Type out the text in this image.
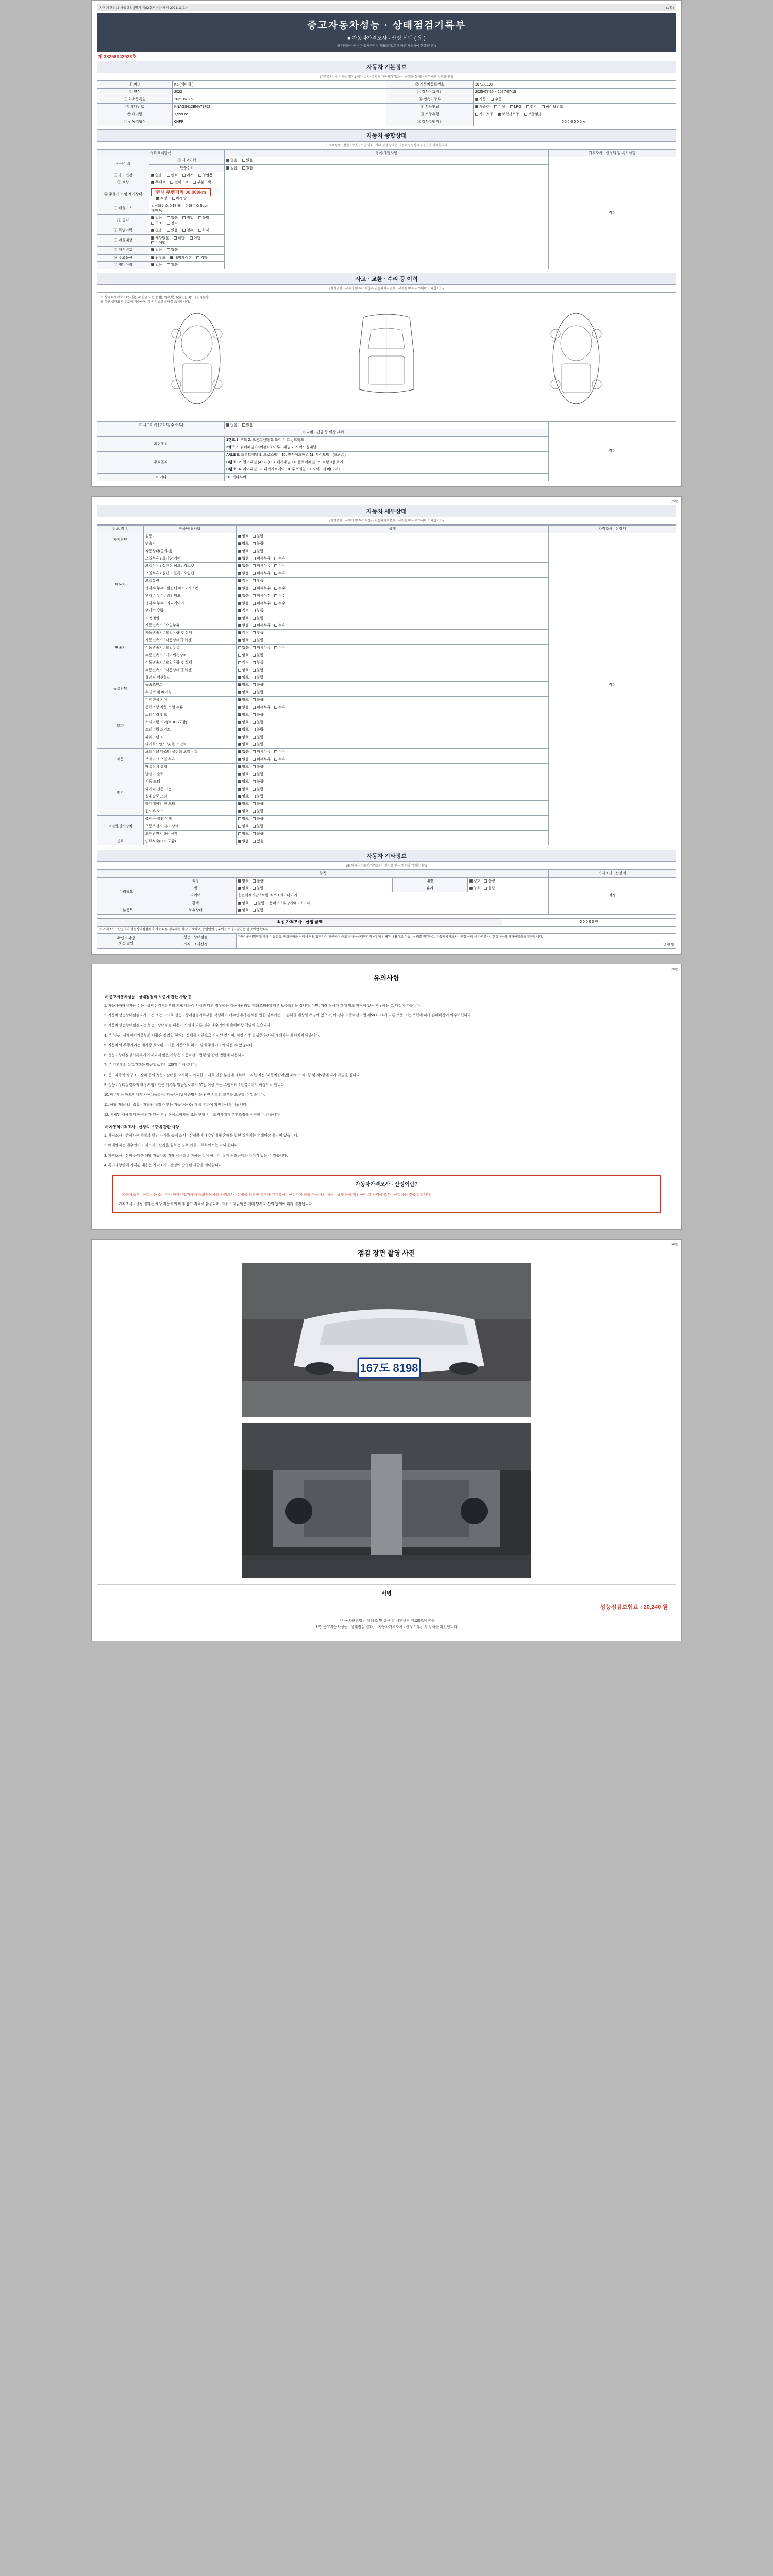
자동차관리법 시행규칙 [별지 제82호서식] <개정 2021.11.9.>	(1쪽)
중고자동차성능 · 상태점검기록부
■ 자동차가격조사 · 산정 선택 ( 유 )
※ 매매용자동차 (자동차관리법 제58조제1항에 따른 자동차에 한정합니다)
제 38256142923호
자동차 기본정보
(가격조사 · 산정자는 별지1 내지 별지4까지의 자동차가격조사 · 산정을 함에는 경우에만 기재합니다)
① 차명	K5 (세바길 )	② 자동차등록번호	167도8198
③ 연식	2022	④ 검사유효기간	2025-07-16 ~ 2027-07-15
⑤ 최초등록일	2021-07-16	⑥ 변속기종류	자동 수동
⑦ 차대번호	KNAGS412BNA79752	⑧ 사용연료	가솔린 디젤 LPG 전기 하이브리드
⑨ 배기량	1,999 cc	⑩ 보증유형	자가보증 보험사보증 보증없음
⑪ 원동기형식	G4FP	⑫ 검사주행거리	0 0 0 0 0 0 0 km
자동차 종합상태
※ 주요장치 : 전손 · 수몰 · 도난 이력, 기타 점검 항목은 자동차성능상태점검자가 기재합니다.
상태표시항목		항목/해당사항	가격조사 · 산정액 및 특기사항
사용이력	① 사고이력	없음 있음	적정
	단순수리	없음 있음	
② 용도변경	없음 렌트 리스 영업용		
③ 색상	무채색 전체도색 부분도색		
④ 주행거리 및 계기상태	현재 주행거리 30,009km 적정 비정상		
⑤ 배출가스	일산화탄소 0.17 % 탄화수소 5ppm 매연 %		
⑥ 튜닝	없음 있음 적법 불법 구조 장치		
⑦ 특별이력	없음 있음 침수 화재		
⑧ 리콜대상	해당없음 해당 이행 미이행		
⑨ 제시번호	없음 있음		
⑩ 주요옵션	썬루프 내비게이션 기타		
⑪ 정비이력	없음 있음		
사고 · 교환 · 수리 등 이력
(가격조사 · 산정자 및 특기사항은 자동차가격조사 · 산정을 받는 경우에만 기재합니다)
※ 상태표시 부호 : X(교환), W(판금 또는 용접), C(부식), A(흠집), U(요철), T(손상)
※ 하단 상태표시 부호에 기준하여, 각 위치별로 상태를 표시합니다.
※ 사고이력 (교차/침수 여부)	없음 있음	적정
※ 교환 · 판금 등 이상 부위		
외판부위	1랭크 1. 후드 2. 프론트펜더 3. 도어 4. 트렁크리드	
	2랭크 5. 쿼터패널 (리어펜더) 6. 루프패널 7. 사이드실패널	
주요골격	A랭크 8. 프론트패널 9. 크로스멤버 10. 인사이드패널 11. 사이드멤버(프론트)	
	B랭크 12. 필러패널 (A,B,C) 13. 대시패널 14. 플로어패널 15. 트렁크플로어	
	C랭크 16. 리어패널 17. 패키지트레이 18. 루프레일 19. 사이드멤버(리어)	
※ 기타	20. 기타부위	
(2쪽)
자동차 세부상태
(가격조사 · 산정자 및 특기사항은 자동차가격조사 · 산정을 받는 경우에만 기재합니다)
주 요 장 치	항목/해당사항	상태	가격조사 · 산정액
자기진단	원동기	양호 불량	적정
	변속기	양호 불량	
원동기	작동상태(공회전)	양호 불량	
	오일누유 / 로커암 커버	없음 미세누유 누유	
	오일누유 / 실린더 헤드 / 가스켓	없음 미세누유 누유	
	오일누유 / 실린더 블록 / 오일팬	없음 미세누유 누유	
	오일유량	적정 부족	
	냉각수 누수 / 실린더 헤드 / 가스켓	없음 미세누수 누수	
	냉각수 누수 / 워터펌프	없음 미세누수 누수	
	냉각수 누수 / 라디에이터	없음 미세누수 누수	
	냉각수 수량	적정 부족	
	커먼레일	양호 불량	
변속기	자동변속기 / 오일누유	없음 미세누유 누유	
	자동변속기 / 오일유량 및 상태	적정 부족	
	자동변속기 / 작동상태(공회전)	양호 불량	
	수동변속기 / 오일누유	없음 미세누유 누유	
	수동변속기 / 기어변속장치	양호 불량	
	수동변속기 / 오일유량 및 상태	적정 부족	
	수동변속기 / 작동상태(공회전)	양호 불량	
동력전달	클러치 어셈블리	양호 불량	
	등속조인트	양호 불량	
	추진축 및 베어링	양호 불량	
	디퍼렌셜 기어	양호 불량	
조향	동력조향 작동 오일 누유	없음 미세누유 누유	
	스티어링 펌프	양호 불량	
	스티어링 기어(MDPS포함)	양호 불량	
	스티어링 조인트	양호 불량	
	파워크랭크	양호 불량	
	타이로드엔드 및 볼 조인트	양호 불량	
제동	브레이크 마스터 실린더 오일 누유	없음 미세누유 누유	
	브레이크 오일 누유	없음 미세누유 누유	
	배력장치 상태	양호 불량	
전기	발전기 출력	양호 불량	
	시동 모터	양호 불량	
	와이퍼 전동 기능	양호 불량	
	실내송풍 모터	양호 불량	
	라디에이터 팬 모터	양호 불량	
	윈도우 모터	양호 불량	
고전원전기장치	충전구 절연 상태	양호 불량	
	구동축전지 격리 상태	양호 불량	
	고전원전기배선 상태	양호 불량	
연료	연료누출(LPG포함)	없음 있음	
자동차 기타정보
(※ 항목은 자동차가격조사 · 산정을 받는 경우에 기재합니다)
항목					가격조사 · 산정액
수리필요	외장	양호 불량	내장	양호 불량	적정
	휠	양호 불량	유리	양호 불량	
	타이어	운전석계기판 / 트렁크/보조석 / 타이어			
	광택	양호 불량 룸미러 / 후방카메라 / 기타			
기본품목	보유상태	양호 불량			
최종 가격조사 · 산정 금액	0 0 0 0 0 원
※ 가격조사 · 산정자의 성능상태점검자가 서로 다른 경우에는 각각 기재하고, 동일인인 경우에는 서명 · 날인은 한 곳에만 합니다.
확인자서명
또는 날인	성능 · 상태점검	자동차관리법령에 따라 성능점검, 비상등배출 선택시 정보 입력하여 제공하며 중고차 성능상태점검기록부에 기재된 내용대로 성능 · 상태를 점검하고, 자동차가격조사 · 산정 선택 시 가격조사 · 산정내용을 기재하였음을 확인합니다.
년 월 일

가격 · 조사산정
(3쪽)
유의사항
※ 중고자동차성능 · 상태점검의 보증에 관한 사항 등

1. 자동차매매업자는 성능 · 상태점검기록부의 기재 내용이 사실과 다른 경우에는 자동차관리법 제58조의4에 따른 보증책임을 집니다. 다만, 거래 당사자 간에 별도 약정이 있는 경우에는 그 약정에 따릅니다.

2. 자동차성능상태점검자가 거짓 또는 고의로 성능 · 상태점검기록부를 작성하여 매수인에게 손해를 입힌 경우에는 그 손해를 배상할 책임이 있으며, 이 경우 자동차관리법 제58조의4에 따른 보증 또는 보험에 따라 손해배상이 이루어집니다.

3. 자동차성능상태점검자는 성능 · 상태점검 내용이 사실과 다른 경우 매수인에게 손해배상 책임이 있습니다.

4. 본 성능 · 상태점검기록부의 내용은 점검일 현재의 상태를 기준으로 작성된 것이며, 점검 이후 발생한 하자에 대해서는 책임지지 않습니다.

5. 자동차의 주행거리는 계기상 표시된 거리를 기준으로 하며, 실제 주행거리와 다를 수 있습니다.

6. 성능 · 상태점검기록부에 기재되지 않은 사항은 자동차관리법령 및 관련 법령에 따릅니다.

7. 본 기록부의 유효기간은 발급일로부터 120일 이내입니다.

8. 중고자동차의 구조 · 장치 등의 성능 · 상태를 고지하지 아니한 거래로 인한 분쟁에 대하여 고지한 자는 [자동차관리법] 제58조 제3항 및 제5항에 따라 책임을 집니다.

9. 성능 · 상태점검자의 배상책임기간은 기록부 발급일로부터 30일 이상 또는 주행거리 2천킬로미터 이상으로 합니다.

10. 매수인은 매도인에게 자동차등록증, 자동차세납세증명서 등 관련 서류의 교부를 요구할 수 있습니다.

11. 해당 자동차의 압류 · 저당권 설정 여부는 자동차등록원부를 통하여 확인하시기 바랍니다.

12. 기재된 내용에 대한 이의가 있는 경우 한국소비자원 또는 관할 시 · 도지사에게 분쟁조정을 신청할 수 있습니다.

※ 자동차가격조사 · 산정의 보증에 관한 사항

1. 가격조사 · 산정자는 사실과 달리 가격을 높게 조사 · 산정하여 매수인에게 손해를 입힌 경우에는 손해배상 책임이 있습니다.

2. 매매업자는 매수인이 가격조사 · 산정을 원하는 경우 이를 거부하여서는 아니 됩니다.

3. 가격조사 · 산정 금액은 해당 자동차의 거래 시세를 의미하는 것이 아니며, 실제 거래금액과 차이가 있을 수 있습니다.

4. 특기사항란에 기재된 내용은 가격조사 · 산정에 반영된 사항을 의미합니다.

자동차가격조사 · 산정이란?
「자동차조사 · 산정」은 소비자가 매매사업자에게 중고자동차의 가격조사 · 산정을 의뢰한 경우에 가격조사 · 산정자가 해당 자동차의 성능 · 상태 등을 확인하여 그 가격을 조사 · 산정하는 것을 말합니다.
가격조사 · 산정 결과는 해당 자동차의 매매 참고 자료로 활용되며, 최종 거래금액은 매매 당사자 간의 합의에 따라 결정됩니다.
(4쪽)
점검 장면 촬영 사진
167도 8198
서명
성능점검보험료 : 20,240 원
「자동차관리법」 제58조 및 같은 법 시행규칙 제120조에 따라
[1쪽] 중고자동차성능 · 상태점검 결과, 「자동차가격조사 · 산정 1 부」의 검사를 확인합니다.
